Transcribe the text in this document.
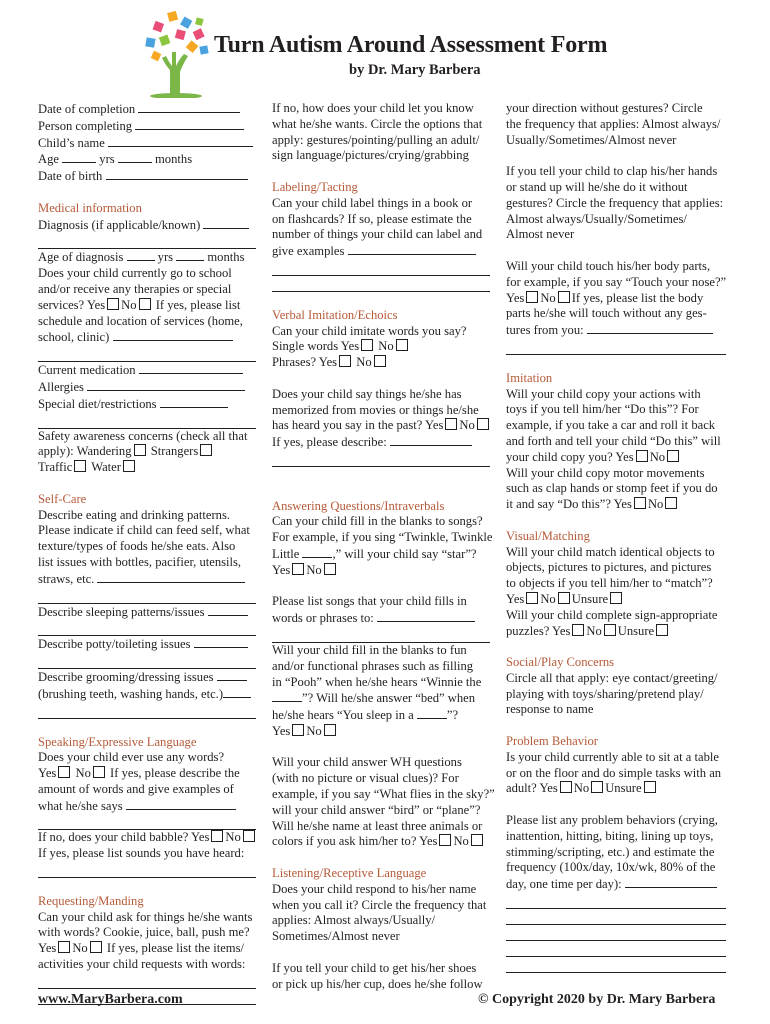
Turn Autism Around Assessment Form
by Dr. Mary Barbera
Date of completion
Person completing
Child’s name
Age	yrs	months
Date of birth
Medical information
Diagnosis (if applicable/known)
Age of diagnosis	yrs	months
Does your child currently go to school
and/or receive any therapies or special
services? Yes No If yes, please list
schedule and location of services (home,
school, clinic)
Current medication
Allergies
Special diet/restrictions
Safety awareness concerns (check all that
apply): Wandering Strangers
Traffic Water
Self-Care
Describe eating and drinking patterns.
Please indicate if child can feed self, what
texture/types of foods he/she eats. Also
list issues with bottles, pacifier, utensils,
straws, etc.
Describe sleeping patterns/issues
Describe potty/toileting issues
Describe grooming/dressing issues
(brushing teeth, washing hands, etc.)
Speaking/Expressive Language
Does your child ever use any words?
Yes No If yes, please describe the
amount of words and give examples of
what he/she says
If no, does your child babble? Yes No
If yes, please list sounds you have heard:
Requesting/Manding
Can your child ask for things he/she wants
with words? Cookie, juice, ball, push me?
Yes No If yes, please list the items/
activities your child requests with words:
If no, how does your child let you know
what he/she wants. Circle the options that
apply: gestures/pointing/pulling an adult/
sign language/pictures/crying/grabbing
Labeling/Tacting
Can your child label things in a book or
on flashcards? If so, please estimate the
number of things your child can label and
give examples
Verbal Imitation/Echoics
Can your child imitate words you say?
Single words Yes No
Phrases? Yes No
Does your child say things he/she has
memorized from movies or things he/she
has heard you say in the past? Yes No
If yes, please describe:
Answering Questions/Intraverbals
Can your child fill in the blanks to songs?
For example, if you sing “Twinkle, Twinkle
Little	,” will your child say “star”?
Yes No
Please list songs that your child fills in
words or phrases to:
Will your child fill in the blanks to fun
and/or functional phrases such as filling
in “Pooh” when he/she hears “Winnie the
”? Will he/she answer “bed” when
he/she hears “You sleep in a	”?
Yes No
Will your child answer WH questions
(with no picture or visual clues)? For
example, if you say “What flies in the sky?”
will your child answer “bird” or “plane”?
Will he/she name at least three animals or
colors if you ask him/her to? Yes No
Listening/Receptive Language
Does your child respond to his/her name
when you call it? Circle the frequency that
applies: Almost always/Usually/
Sometimes/Almost never
If you tell your child to get his/her shoes
or pick up his/her cup, does he/she follow
your direction without gestures? Circle
the frequency that applies: Almost always/
Usually/Sometimes/Almost never
If you tell your child to clap his/her hands
or stand up will he/she do it without
gestures? Circle the frequency that applies:
Almost always/Usually/Sometimes/
Almost never
Will your child touch his/her body parts,
for example, if you say “Touch your nose?”
Yes No If yes, please list the body
parts he/she will touch without any ges-
tures from you:
Imitation
Will your child copy your actions with
toys if you tell him/her “Do this”? For
example, if you take a car and roll it back
and forth and tell your child “Do this” will
your child copy you? Yes No
Will your child copy motor movements
such as clap hands or stomp feet if you do
it and say “Do this”? Yes No
Visual/Matching
Will your child match identical objects to
objects, pictures to pictures, and pictures
to objects if you tell him/her to “match”?
Yes No Unsure
Will your child complete sign-appropriate
puzzles? Yes No Unsure
Social/Play Concerns
Circle all that apply: eye contact/greeting/
playing with toys/sharing/pretend play/
response to name
Problem Behavior
Is your child currently able to sit at a table
or on the floor and do simple tasks with an
adult? Yes No Unsure
Please list any problem behaviors (crying,
inattention, hitting, biting, lining up toys,
stimming/scripting, etc.) and estimate the
frequency (100x/day, 10x/wk, 80% of the
day, one time per day):
www.MaryBarbera.com	© Copyright 2020 by Dr. Mary Barbera
